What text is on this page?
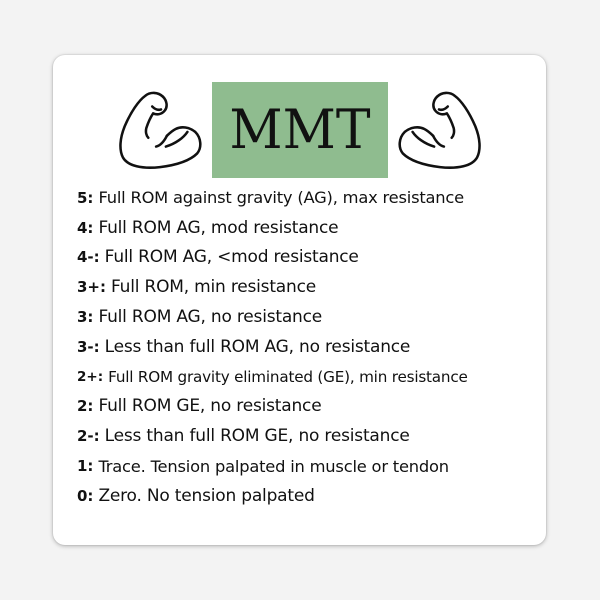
MMT
5: Full ROM against gravity (AG), max resistance
4: Full ROM AG, mod resistance
4-: Full ROM AG, <mod resistance
3+: Full ROM, min resistance
3: Full ROM AG, no resistance
3-: Less than full ROM AG, no resistance
2+: Full ROM gravity eliminated (GE), min resistance
2: Full ROM GE, no resistance
2-: Less than full ROM GE, no resistance
1: Trace. Tension palpated in muscle or tendon
0: Zero. No tension palpated
